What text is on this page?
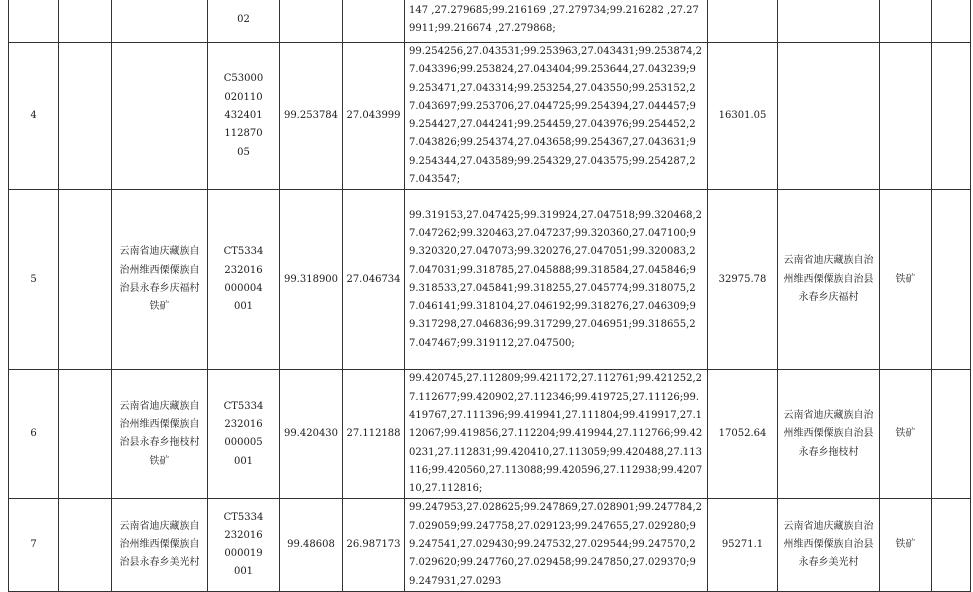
			02			147 ,27.279685;99.216169 ,27.279734;99.216282 ,27.279911;99.216674 ,27.279868;				
4			C5300002011043240111287005	99.253784	27.043999	99.254256,27.043531;99.253963,27.043431;99.253874,27.043396;99.253824,27.043404;99.253644,27.043239;99.253471,27.043314;99.253254,27.043550;99.253152,27.043697;99.253706,27.044725;99.254394,27.044457;99.254427,27.044241;99.254459,27.043976;99.254452,27.043826;99.254374,27.043658;99.254367,27.043631;99.254344,27.043589;99.254329,27.043575;99.254287,27.043547;	16301.05			
5		云南省迪庆藏族自治州维西傈僳族自治县永春乡庆福村铁矿	CT5334232016000004001	99.318900	27.046734	99.319153,27.047425;99.319924,27.047518;99.320468,27.047262;99.320463,27.047237;99.320360,27.047100;99.320320,27.047073;99.320276,27.047051;99.320083,27.047031;99.318785,27.045888;99.318584,27.045846;99.318533,27.045841;99.318255,27.045774;99.318075,27.046141;99.318104,27.046192;99.318276,27.046309;99.317298,27.046836;99.317299,27.046951;99.318655,27.047467;99.319112,27.047500;	32975.78	云南省迪庆藏族自治州维西傈僳族自治县永春乡庆福村	铁矿	
6		云南省迪庆藏族自治州维西傈僳族自治县永春乡拖枝村铁矿	CT5334232016000005001	99.420430	27.112188	99.420745,27.112809;99.421172,27.112761;99.421252,27.112677;99.420902,27.112346;99.419725,27.11126;99.419767,27.111396;99.419941,27.111804;99.419917,27.112067;99.419856,27.112204;99.419944,27.112766;99.420231,27.112831;99.420410,27.113059;99.420488,27.113116;99.420560,27.113088;99.420596,27.112938;99.420710,27.112816;	17052.64	云南省迪庆藏族自治州维西傈僳族自治县永春乡拖枝村	铁矿	
7		云南省迪庆藏族自治州维西傈僳族自治县永春乡美光村	CT5334232016000019001	99.48608	26.987173	99.247953,27.028625;99.247869,27.028901;99.247784,27.029059;99.247758,27.029123;99.247655,27.029280;99.247541,27.029430;99.247532,27.029544;99.247570,27.029620;99.247760,27.029458;99.247850,27.029370;99.247931,27.0293	95271.1	云南省迪庆藏族自治州维西傈僳族自治县永春乡美光村	铁矿	
